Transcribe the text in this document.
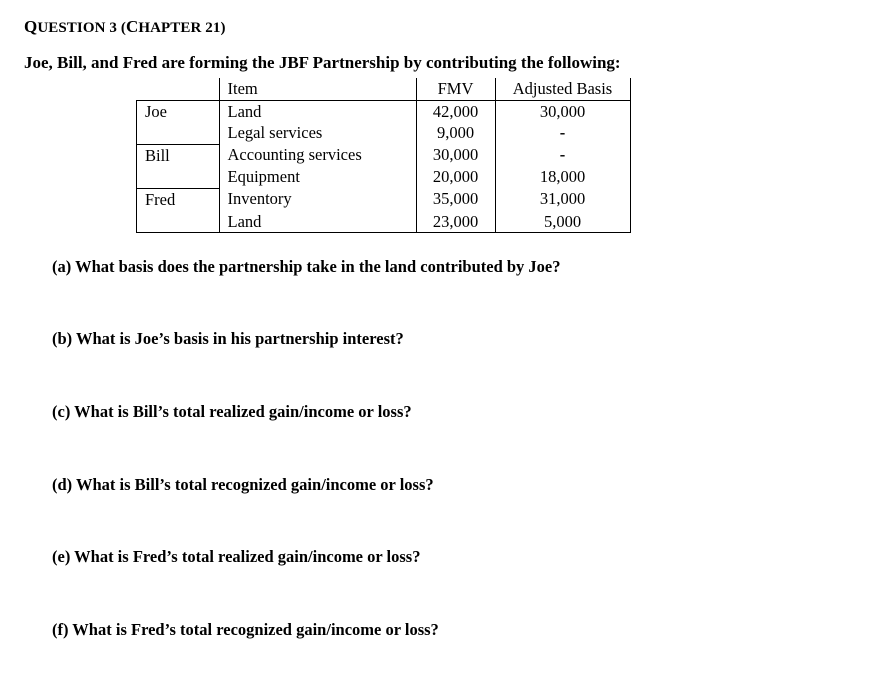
QUESTION 3 (CHAPTER 21)
Joe, Bill, and Fred are forming the JBF Partnership by contributing the following:
	Item	FMV	Adjusted Basis
Joe	Land	42,000	30,000
	Legal services	9,000	-
Bill	Accounting services	30,000	-
	Equipment	20,000	18,000
Fred	Inventory	35,000	31,000
	Land	23,000	5,000
(a) What basis does the partnership take in the land contributed by Joe?
(b) What is Joe’s basis in his partnership interest?
(c) What is Bill’s total realized gain/income or loss?
(d) What is Bill’s total recognized gain/income or loss?
(e) What is Fred’s total realized gain/income or loss?
(f) What is Fred’s total recognized gain/income or loss?
